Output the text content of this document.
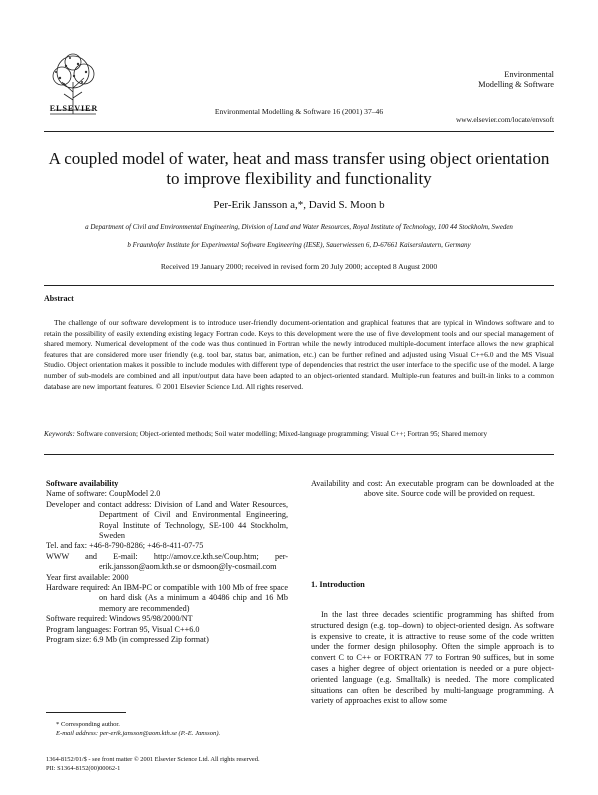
ELSEVIER	Environmental Modelling & Software 16 (2001) 37–46
Environmental
Modelling & Software
www.elsevier.com/locate/envsoft
A coupled model of water, heat and mass transfer using object orientation to improve flexibility and functionality
Per-Erik Jansson a,*, David S. Moon b
a Department of Civil and Environmental Engineering, Division of Land and Water Resources, Royal Institute of Technology, 100 44 Stockholm, Sweden
b Fraunhofer Institute for Experimental Software Engineering (IESE), Sauerwiessen 6, D-67661 Kaiserslautern, Germany
Received 19 January 2000; received in revised form 20 July 2000; accepted 8 August 2000
Abstract
The challenge of our software development is to introduce user-friendly document-orientation and graphical features that are typical in Windows software and to retain the possibility of easily extending existing legacy Fortran code. Keys to this development were the use of five development tools and our special management of shared memory. Numerical development of the code was thus continued in Fortran while the newly introduced multiple-document interface allows the new graphical features that are considered more user friendly (e.g. tool bar, status bar, animation, etc.) can be further refined and adjusted using Visual C++6.0 and the MS Visual Studio. Object orientation makes it possible to include modules with different type of dependencies that restrict the user interface to the specific use of the model. A large number of sub-models are combined and all input/output data have been adapted to an object-oriented standard. Multiple-run features and built-in links to a common database are new important features. © 2001 Elsevier Science Ltd. All rights reserved.
Keywords: Software conversion; Object-oriented methods; Soil water modelling; Mixed-language programming; Visual C++; Fortran 95; Shared memory
Software availability
Name of software: CoupModel 2.0
Developer and contact address: Division of Land and Water Resources, Department of Civil and Environmental Engineering, Royal Institute of Technology, SE-100 44 Stockholm, Sweden
Tel. and fax: +46-8-790-8286; +46-8-411-07-75
WWW and E-mail: http://amov.ce.kth.se/Coup.htm; per-erik.jansson@aom.kth.se or dsmoon@ly-cosmail.com
Year first available: 2000
Hardware required: An IBM-PC or compatible with 100 Mb of free space on hard disk (As a minimum a 40486 chip and 16 Mb memory are recommended)
Software required: Windows 95/98/2000/NT
Program languages: Fortran 95, Visual C++6.0
Program size: 6.9 Mb (in compressed Zip format)
Availability and cost: An executable program can be downloaded at the above site. Source code will be provided on request.
1. Introduction
In the last three decades scientific programming has shifted from structured design (e.g. top–down) to object-oriented design. As software is expensive to create, it is attractive to reuse some of the code written under the former design philosophy. Often the simple approach is to convert C to C++ or FORTRAN 77 to Fortran 90 suffices, but in some cases a higher degree of object orientation is needed or a pure object-oriented language (e.g. Smalltalk) is needed. The more complicated situations can often be described by multi-language programming. A variety of approaches exist to allow some
* Corresponding author.
E-mail address: per-erik.jansson@aom.kth.se (P.-E. Jansson).
1364-8152/01/$ - see front matter © 2001 Elsevier Science Ltd. All rights reserved.
PII: S1364-8152(00)00062-1
